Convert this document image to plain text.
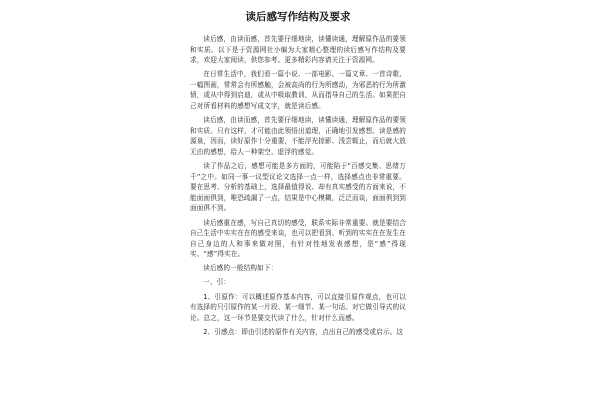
读后感写作结构及要求

读后感，由读而感，首先要仔细地读，读懂读通，理解原作品的要领和实质。以下是于资源网社小编为大家精心整理的读后感写作结构及要求，欢迎大家阅读，供您参考。更多精彩内容请关注于资源网。

在日常生活中，我们看一篇小说、一部电影、一篇文章、一首诗歌、一幅图画，常常会有所感触，会被高尚的行为所感动，为邪恶的行为所激愤，或从中得到启迪，或从中吸取教训，从而指导自己的生活。如果把自己对所看材料的感想写成文字，就是读后感。

读后感，由读而感，首先要仔细地读，读懂读通，理解原作品的要领和实质。只有这样，才可能由此领悟出道理，正确地引发感想。读是感的源泉，因而，读好原作十分重要，不能浮光掠影、浅尝辄止，而后就大放无由的感想，给人一种架空、虚浮的感觉。

读了作品之后，感想可能是多方面的，可能陷于“百感交集、思绪万千”之中。如同一事一议型议论文选择一点一样，选择感点也非常重要。要在思考、分析的基础上，选择最值得说、却有真实感受的方面来说，不能面面俱到，唯恐疏漏了一点，结果是中心模糊，泛泛而谈，面面俱到到面面俱不到。

读后感重在感，写自己真切的感受，联系实际非常重要。就是要结合自己生活中实实在在的感受来谈，也可以把看到、听到的实实在在发生在自己身边的人和事来做对照，有针对性地发表感想，是“感”得现实、“感”得实在。

读后感的一般结构如下：

一、引：

1、引原作：可以概述原作基本内容，可以直接引原作观点，也可以有选择的只引原作的某一片段、某一细节、某一句话。对它做引导式的议论。总之，这一环节是要交代读了什么，针对什么而感。

2、引感点：即由引述的原作有关内容，点出自己的感受或启示。这
